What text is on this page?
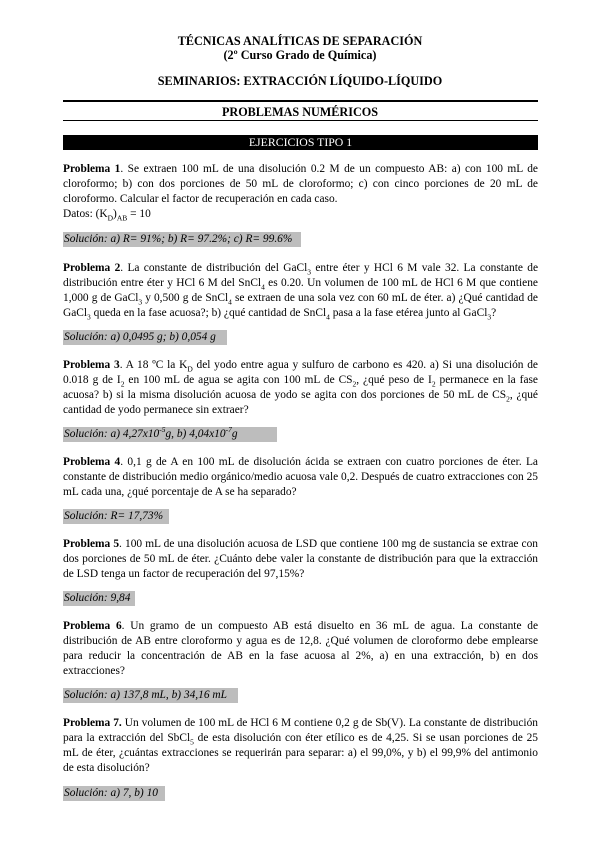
TÉCNICAS ANALÍTICAS DE SEPARACIÓN
(2º Curso Grado de Química)
SEMINARIOS: EXTRACCIÓN LÍQUIDO-LÍQUIDO
PROBLEMAS NUMÉRICOS
EJERCICIOS TIPO 1

Problema 1. Se extraen 100 mL de una disolución 0.2 M de un compuesto AB: a) con 100 mL de cloroformo; b) con dos porciones de 50 mL de cloroformo; c) con cinco porciones de 20 mL de cloroformo. Calcular el factor de recuperación en cada caso.
Datos: $(K_D)_{AB} = 10$

Solución: a) R= 91%; b) R= 97.2%; c) R= 99.6%

Problema 2. La constante de distribución del GaCl$_3$ entre éter y HCl 6 M vale 32. La constante de distribución entre éter y HCl 6 M del SnCl$_4$ es 0.20. Un volumen de 100 mL de HCl 6 M que contiene 1,000 g de GaCl$_3$ y 0,500 g de SnCl$_4$ se extraen de una sola vez con 60 mL de éter. a) ¿Qué cantidad de GaCl$_3$ queda en la fase acuosa?; b) ¿qué cantidad de SnCl$_4$ pasa a la fase etérea junto al GaCl$_3$?

Solución: a) 0,0495 g; b) 0,054 g

Problema 3. A 18 ºC la $K_D$ del yodo entre agua y sulfuro de carbono es 420. a) Si una disolución de 0.018 g de $I_2$ en 100 mL de agua se agita con 100 mL de $CS_2$, ¿qué peso de $I_2$ permanece en la fase acuosa? b) si la misma disolución acuosa de yodo se agita con dos porciones de 50 mL de $CS_2$, ¿qué cantidad de yodo permanece sin extraer?

Solución: a) $4,27x10^{-5}g$, b) $4,04x10^{-7}g$

Problema 4. 0,1 g de A en 100 mL de disolución ácida se extraen con cuatro porciones de éter. La constante de distribución medio orgánico/medio acuosa vale 0,2. Después de cuatro extracciones con 25 mL cada una, ¿qué porcentaje de A se ha separado?

Solución: R= 17,73%

Problema 5. 100 mL de una disolución acuosa de LSD que contiene 100 mg de sustancia se extrae con dos porciones de 50 mL de éter. ¿Cuánto debe valer la constante de distribución para que la extracción de LSD tenga un factor de recuperación del 97,15%?

Solución: 9,84

Problema 6. Un gramo de un compuesto AB está disuelto en 36 mL de agua. La constante de distribución de AB entre cloroformo y agua es de 12,8. ¿Qué volumen de cloroformo debe emplearse para reducir la concentración de AB en la fase acuosa al 2%, a) en una extracción, b) en dos extracciones?

Solución: a) 137,8 mL, b) 34,16 mL

Problema 7. Un volumen de 100 mL de HCl 6 M contiene 0,2 g de Sb(V). La constante de distribución para la extracción del SbCl$_5$ de esta disolución con éter etílico es de 4,25. Si se usan porciones de 25 mL de éter, ¿cuántas extracciones se requerirán para separar: a) el 99,0%, y b) el 99,9% del antimonio de esta disolución?

Solución: a) 7, b) 10
